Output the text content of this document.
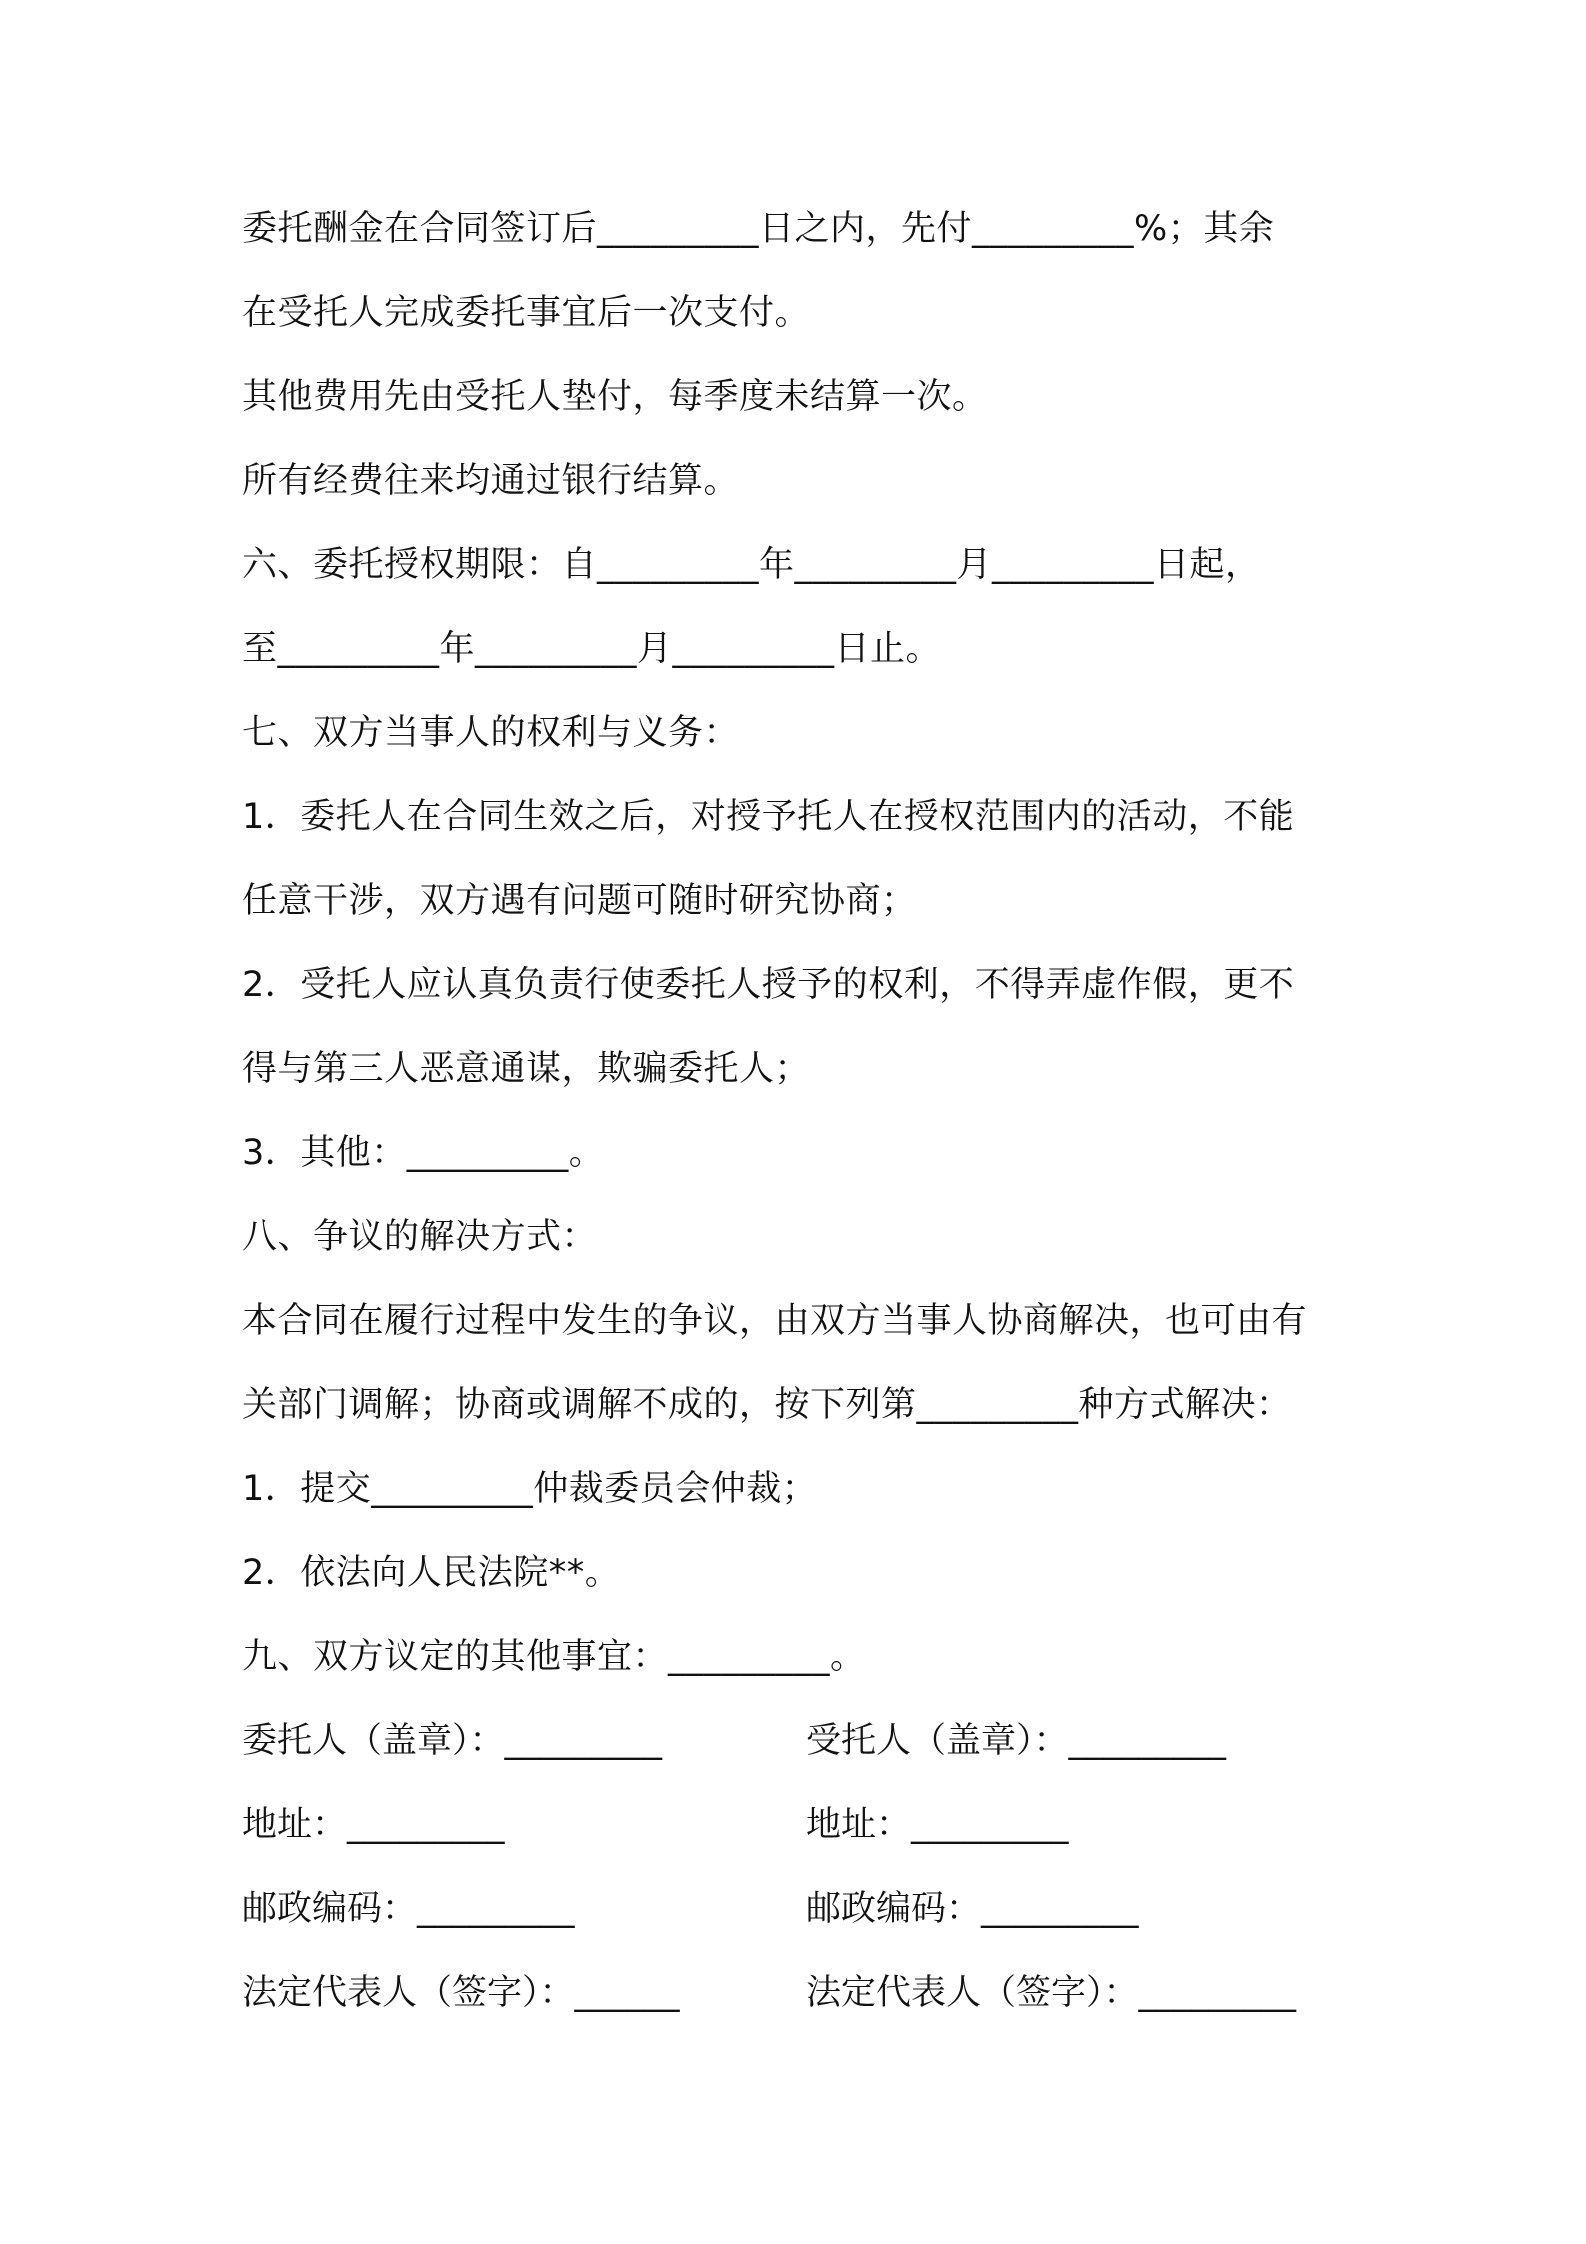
委托酬金在合同签订后_________日之内，先付_________%；其余
在受托人完成委托事宜后一次支付。
其他费用先由受托人垫付，每季度未结算一次。
所有经费往来均通过银行结算。
六、委托授权期限：自_________年_________月_________日起，
至_________年_________月_________日止。
七、双方当事人的权利与义务：
1．委托人在合同生效之后，对授予托人在授权范围内的活动，不能
任意干涉，双方遇有问题可随时研究协商；
2．受托人应认真负责行使委托人授予的权利，不得弄虚作假，更不
得与第三人恶意通谋，欺骗委托人；
3．其他：_________。
八、争议的解决方式：
本合同在履行过程中发生的争议，由双方当事人协商解决，也可由有
关部门调解；协商或调解不成的，按下列第_________种方式解决：
1．提交_________仲裁委员会仲裁；
2．依法向人民法院**。
九、双方议定的其他事宜：_________。
委托人（盖章）：_________	受托人（盖章）：_________
地址：_________	地址：_________
邮政编码：_________	邮政编码：_________
法定代表人（签字）：______	法定代表人（签字）：_________
